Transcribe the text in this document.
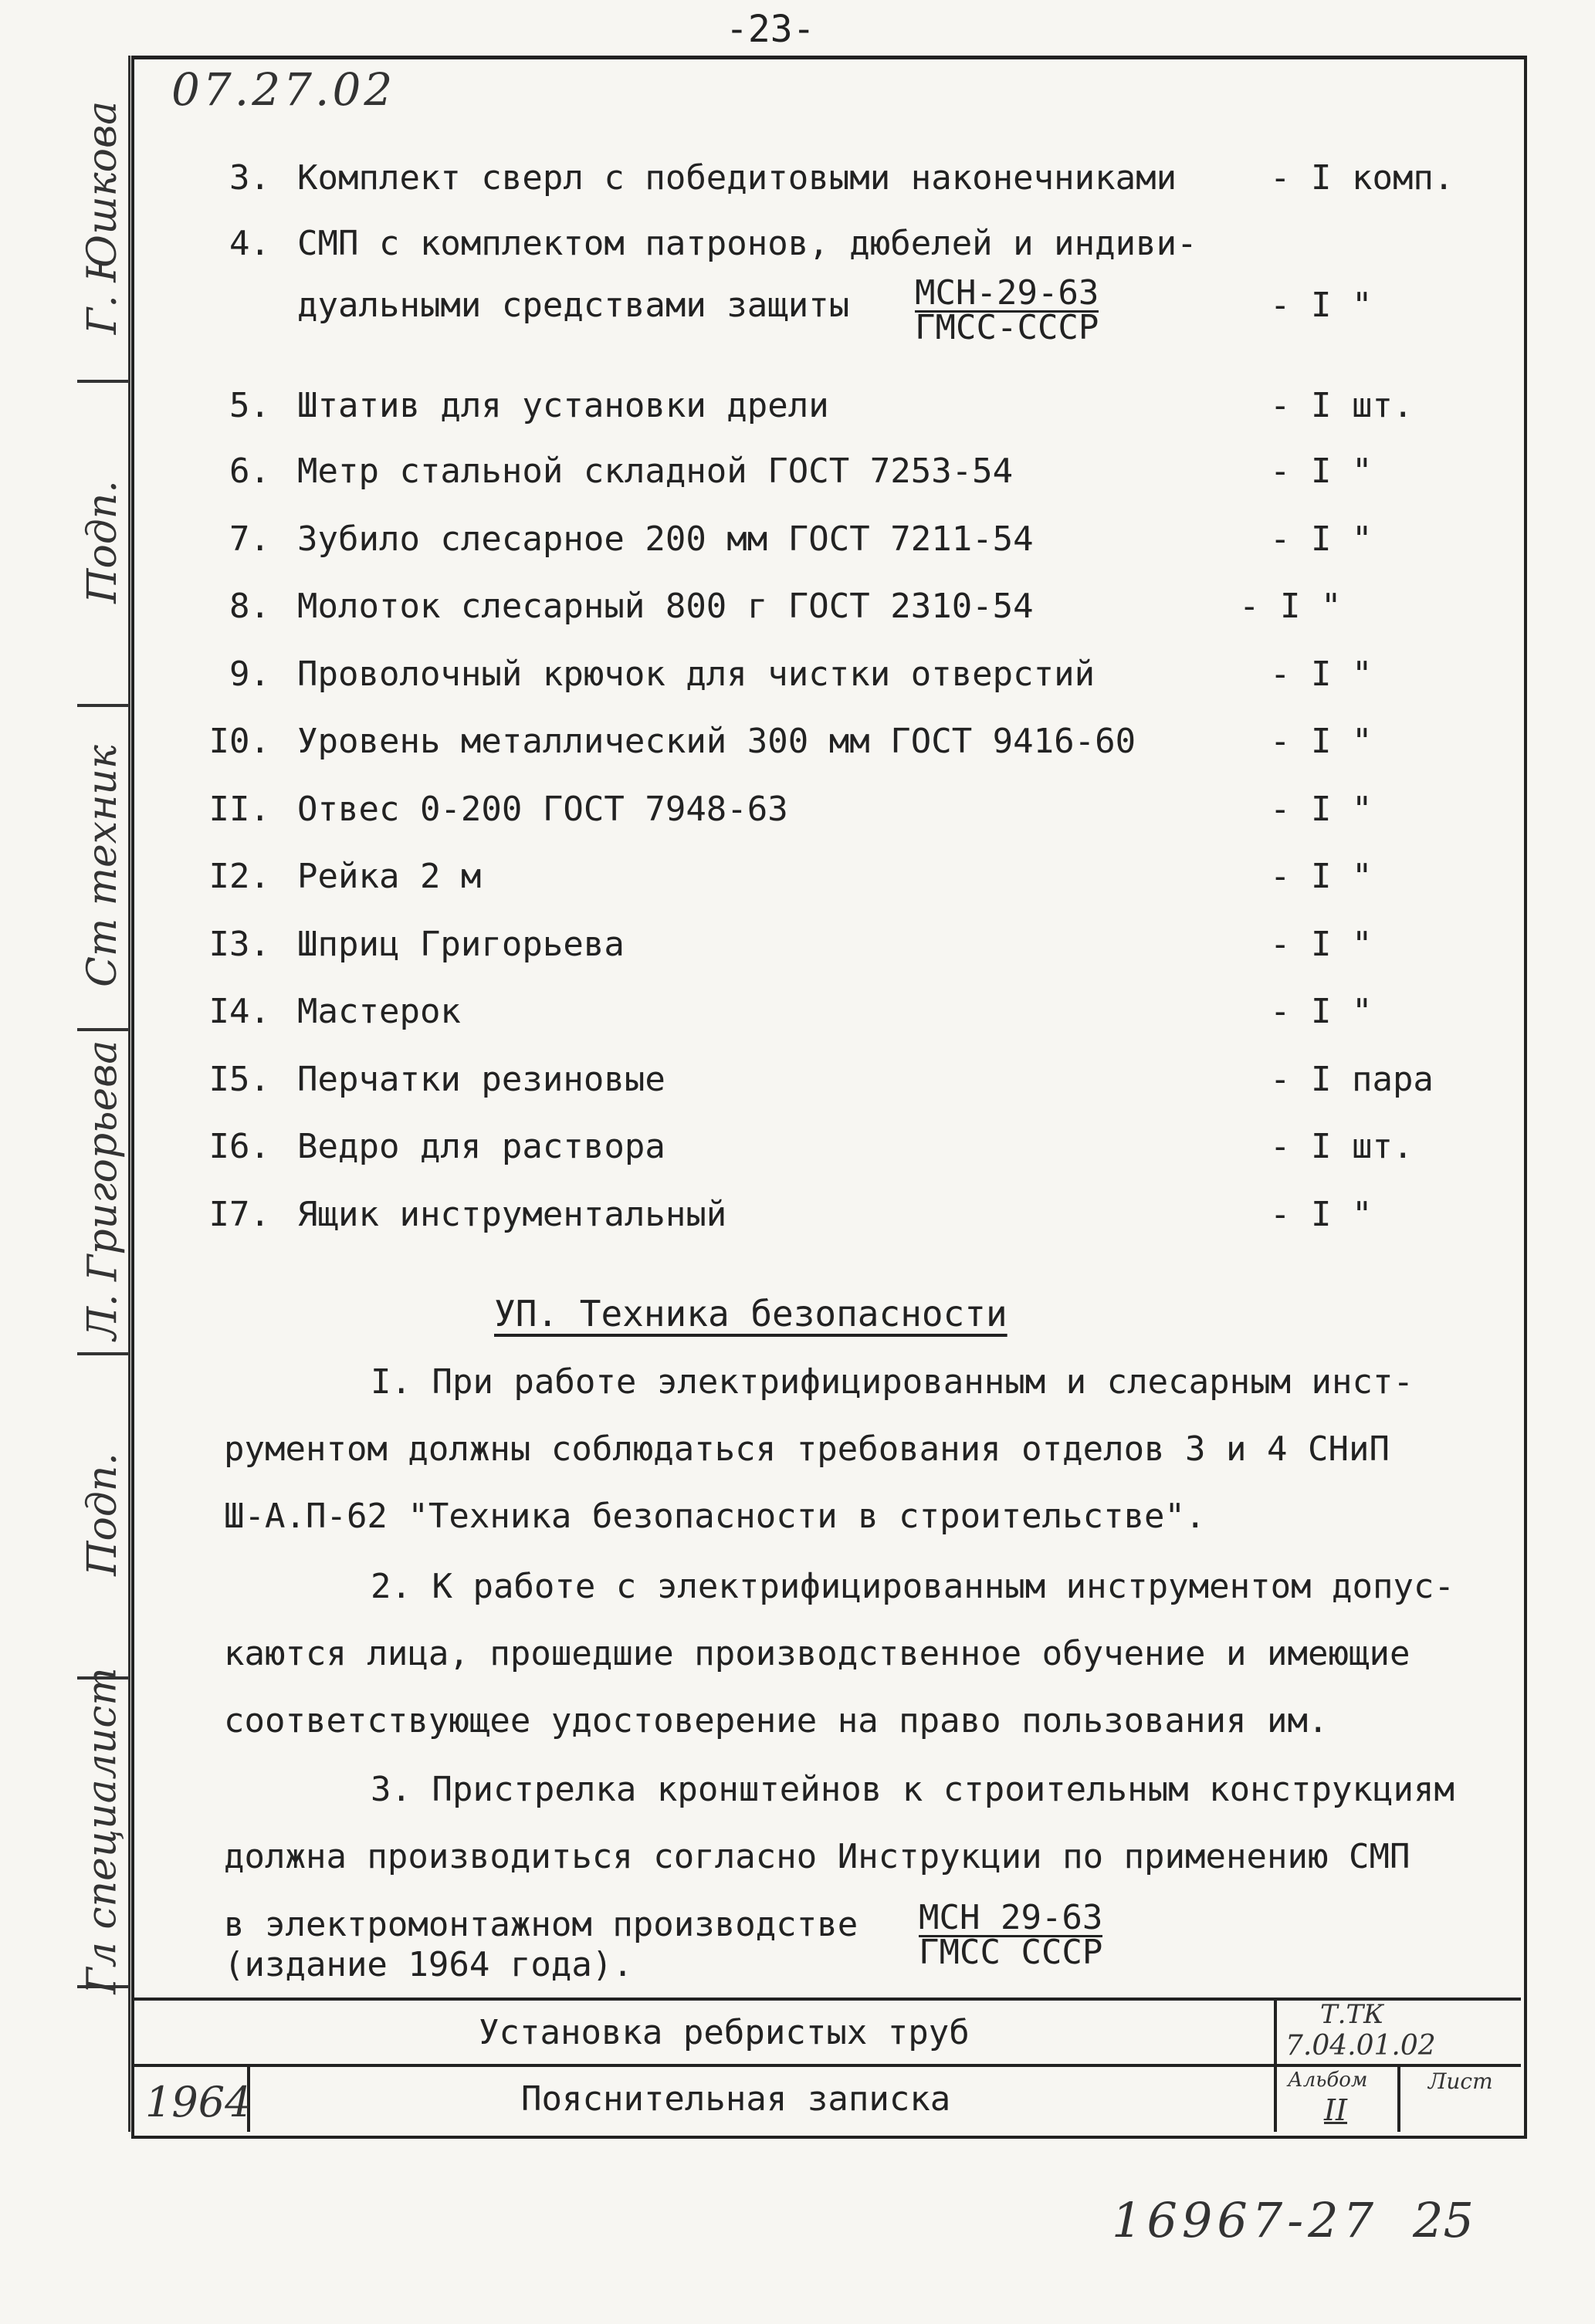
-23-
Г. Юшкова
Подп.
Ст техник
Л. Григорьева
Подп.
Гл специалист
07.27.02
3. Комплект сверл с победитовыми наконечниками	- I комп.
4. СМП с комплектом патронов, дюбелей и индиви-
дуальными средствами защиты МСН-29-63
ГМСС-СССР
- I "
5. Штатив для установки дрели	- I шт.
6. Метр стальной складной ГОСТ 7253-54	- I "
7. Зубило слесарное 200 мм ГОСТ 7211-54	- I "
8. Молоток слесарный 800 г ГОСТ 2310-54	- I "
9. Проволочный крючок для чистки отверстий	- I "
I0. Уровень металлический 300 мм ГОСТ 9416-60	- I "
II. Отвес 0-200 ГОСТ 7948-63	- I "
I2. Рейка 2 м	- I "
I3. Шприц Григорьева	- I "
I4. Мастерок	- I "
I5. Перчатки резиновые	- I пара
I6. Ведро для раствора	- I шт.
I7. Ящик инструментальный	- I "
УП. Техника безопасности
I. При работе электрифицированным и слесарным инст-
рументом должны соблюдаться требования отделов 3 и 4 СНиП
Ш-А.П-62 "Техника безопасности в строительстве".
2. К работе с электрифицированным инструментом допус-
каются лица, прошедшие производственное обучение и имеющие
соответствующее удостоверение на право пользования им.
3. Пристрелка кронштейнов к строительным конструкциям
должна производиться согласно Инструкции по применению СМП
в электромонтажном производстве МСН 29-63
ГМСС СССР
(издание 1964 года).
Установка ребристых труб
Пояснительная записка
1964
Т.ТК
7.04.01.02
Альбом
II
Лист
16967-27 25
